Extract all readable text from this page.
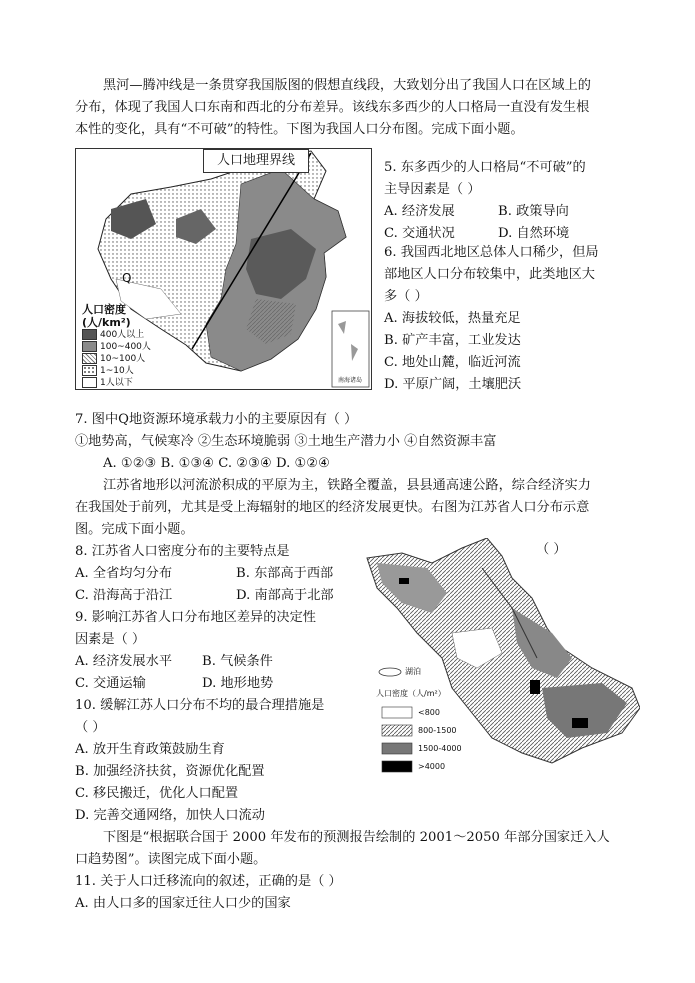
黑河—腾冲线是一条贯穿我国版图的假想直线段，大致划分出了我国人口在区域上的
分布，体现了我国人口东南和西北的分布差异。该线东多西少的人口格局一直没有发生根
本性的变化，具有“不可破”的特性。下图为我国人口分布图。完成下面小题。
人口地理界线
Q
人口密度
(人/km²)
400人以上
100~400人
10~100人
1~10人
1人以下	南海诸岛
5. 东多西少的人口格局“不可破”的
主导因素是（ ）
A. 经济发展	B. 政策导向
C. 交通状况	D. 自然环境
6. 我国西北地区总体人口稀少，但局
部地区人口分布较集中，此类地区大
多（ ）
A. 海拔较低，热量充足
B. 矿产丰富，工业发达
C. 地处山麓，临近河流
D. 平原广阔，土壤肥沃
7. 图中Q地资源环境承载力小的主要原因有（ ）
①地势高，气候寒冷 ②生态环境脆弱 ③土地生产潜力小 ④自然资源丰富
A. ①②③ B. ①③④ C. ②③④ D. ①②④
江苏省地形以河流淤积成的平原为主，铁路全覆盖，县县通高速公路，综合经济实力
在我国处于前列，尤其是受上海辐射的地区的经济发展更快。右图为江苏省人口分布示意
图。完成下面小题。
8. 江苏省人口密度分布的主要特点是	（ ）
A. 全省均匀分布	B. 东部高于西部
C. 沿海高于沿江	D. 南部高于北部
9. 影响江苏省人口分布地区差异的决定性
因素是（ ）
A. 经济发展水平 B. 气候条件
C. 交通运输	D. 地形地势
10. 缓解江苏人口分布不均的最合理措施是
（ ）
A. 放开生育政策鼓励生育
B. 加强经济扶贫，资源优化配置
C. 移民搬迁，优化人口配置
D. 完善交通网络，加快人口流动
湖泊
人口密度（人/m²）
<800
800-1500
1500-4000
>4000
下图是“根据联合国于 2000 年发布的预测报告绘制的 2001～2050 年部分国家迁入人
口趋势图”。读图完成下面小题。
11. 关于人口迁移流向的叙述，正确的是（ ）
A. 由人口多的国家迁往人口少的国家
